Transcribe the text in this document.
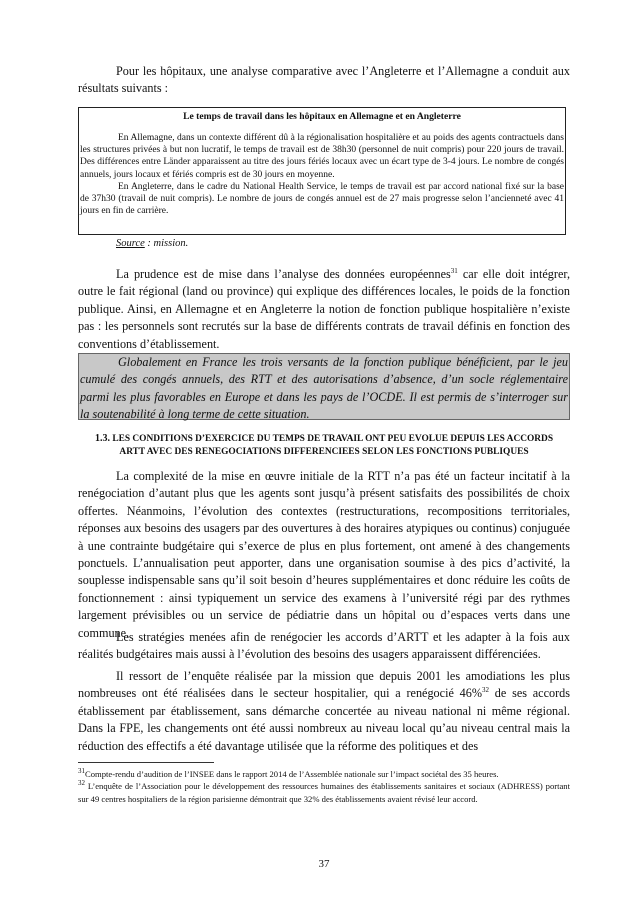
Pour les hôpitaux, une analyse comparative avec l’Angleterre et l’Allemagne a conduit aux résultats suivants :

Le temps de travail dans les hôpitaux en Allemagne et en Angleterre

En Allemagne, dans un contexte différent dû à la régionalisation hospitalière et au poids des agents contractuels dans les structures privées à but non lucratif, le temps de travail est de 38h30 (personnel de nuit compris) pour 220 jours de travail. Des différences entre Länder apparaissent au titre des jours fériés locaux avec un écart type de 3-4 jours. Le nombre de congés annuels, jours locaux et fériés compris est de 30 jours en moyenne.

En Angleterre, dans le cadre du National Health Service, le temps de travail est par accord national fixé sur la base de 37h30 (travail de nuit compris). Le nombre de jours de congés annuel est de 27 mais progresse selon l’ancienneté avec 41 jours en fin de carrière.

Source : mission.

La prudence est de mise dans l’analyse des données européennes$^{31}$ car elle doit intégrer, outre le fait régional (land ou province) qui explique des différences locales, le poids de la fonction publique. Ainsi, en Allemagne et en Angleterre la notion de fonction publique hospitalière n’existe pas : les personnels sont recrutés sur la base de différents contrats de travail définis en fonction des conventions d’établissement.

Globalement en France les trois versants de la fonction publique bénéficient, par le jeu cumulé des congés annuels, des RTT et des autorisations d’absence, d’un socle réglementaire parmi les plus favorables en Europe et dans les pays de l’OCDE. Il est permis de s’interroger sur la soutenabilité à long terme de cette situation.

1.3. LES CONDITIONS D’EXERCICE DU TEMPS DE TRAVAIL ONT PEU EVOLUE DEPUIS LES ACCORDS
ARTT AVEC DES RENEGOCIATIONS DIFFERENCIEES SELON LES FONCTIONS PUBLIQUES

La complexité de la mise en œuvre initiale de la RTT n’a pas été un facteur incitatif à la renégociation d’autant plus que les agents sont jusqu’à présent satisfaits des possibilités de choix offertes. Néanmoins, l’évolution des contextes (restructurations, recompositions territoriales, réponses aux besoins des usagers par des ouvertures à des horaires atypiques ou continus) conjuguée à une contrainte budgétaire qui s’exerce de plus en plus fortement, ont amené à des changements ponctuels. L’annualisation peut apporter, dans une organisation soumise à des pics d’activité, la souplesse indispensable sans qu’il soit besoin d’heures supplémentaires et donc réduire les coûts de fonctionnement : ainsi typiquement un service des examens à l’université régi par des rythmes largement prévisibles ou un service de pédiatrie dans un hôpital ou d’espaces verts dans une commune.

Les stratégies menées afin de renégocier les accords d’ARTT et les adapter à la fois aux réalités budgétaires mais aussi à l’évolution des besoins des usagers apparaissent différenciées.

Il ressort de l’enquête réalisée par la mission que depuis 2001 les amodiations les plus nombreuses ont été réalisées dans le secteur hospitalier, qui a renégocié 46%$^{32}$ de ses accords établissement par établissement, sans démarche concertée au niveau national ni même régional. Dans la FPE, les changements ont été aussi nombreux au niveau local qu’au niveau central mais la réduction des effectifs a été davantage utilisée que la réforme des politiques et des

$^{31}$Compte-rendu d’audition de l’INSEE dans le rapport 2014 de l’Assemblée nationale sur l’impact sociétal des 35 heures.
$^{32}$ L’enquête de l’Association pour le développement des ressources humaines des établissements sanitaires et sociaux (ADHRESS) portant sur 49 centres hospitaliers de la région parisienne démontrait que 32% des établissements avaient révisé leur accord.
37
